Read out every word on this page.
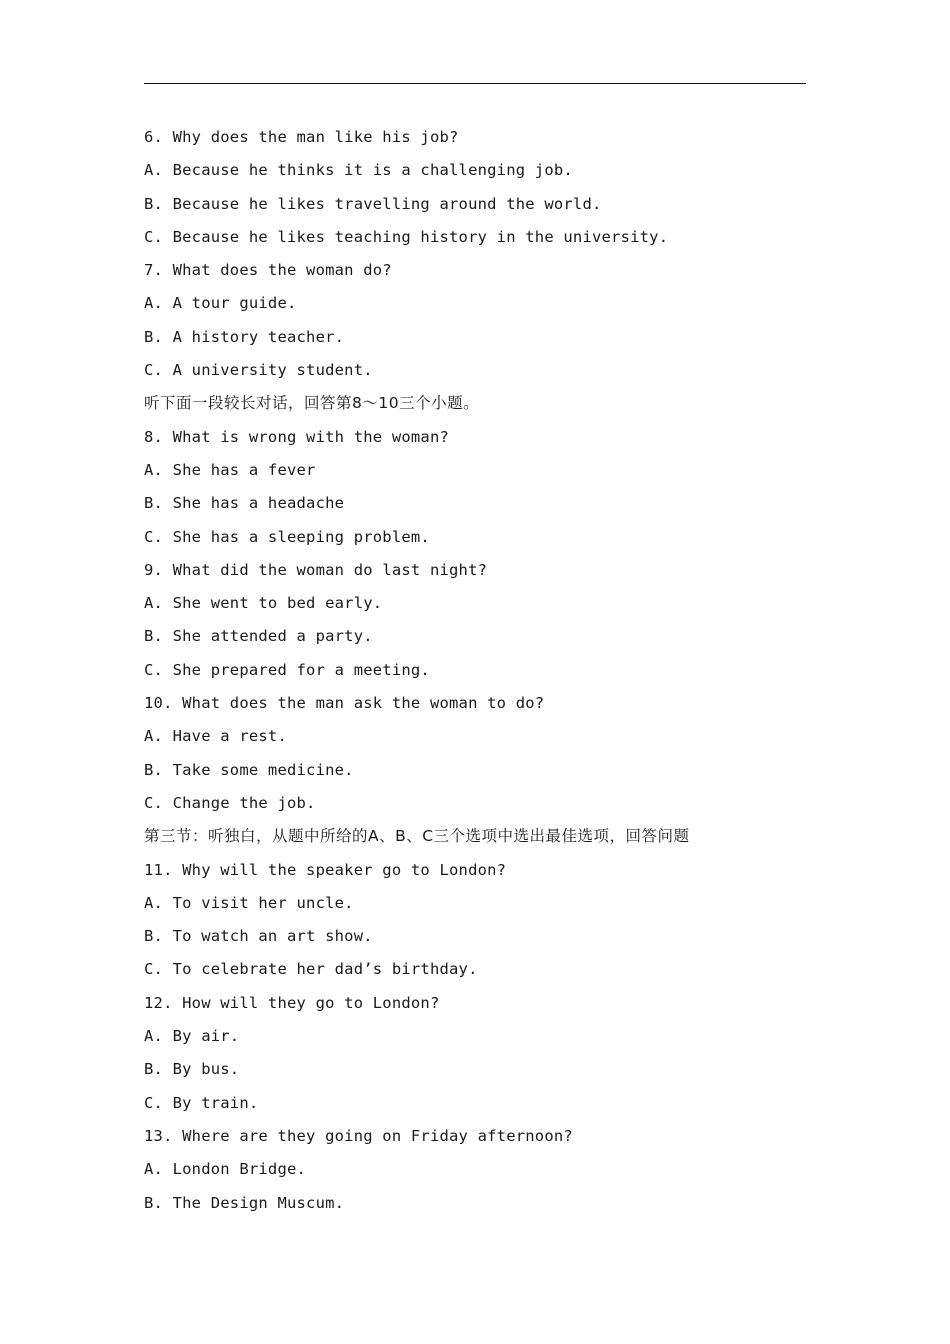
6. Why does the man like his job?
A. Because he thinks it is a challenging job.
B. Because he likes travelling around the world.
C. Because he likes teaching history in the university.
7. What does the woman do?
A. A tour guide.
B. A history teacher.
C. A university student.
听下面一段较长对话，回答第8～10三个小题。
8. What is wrong with the woman?
A. She has a fever
B. She has a headache
C. She has a sleeping problem.
9. What did the woman do last night?
A. She went to bed early.
B. She attended a party.
C. She prepared for a meeting.
10. What does the man ask the woman to do?
A. Have a rest.
B. Take some medicine.
C. Change the job.
第三节：听独白，从题中所给的A、B、C三个选项中选出最佳选项，回答问题
11. Why will the speaker go to London?
A. To visit her uncle.
B. To watch an art show.
C. To celebrate her dad’s birthday.
12. How will they go to London?
A. By air.
B. By bus.
C. By train.
13. Where are they going on Friday afternoon?
A. London Bridge.
B. The Design Muscum.
